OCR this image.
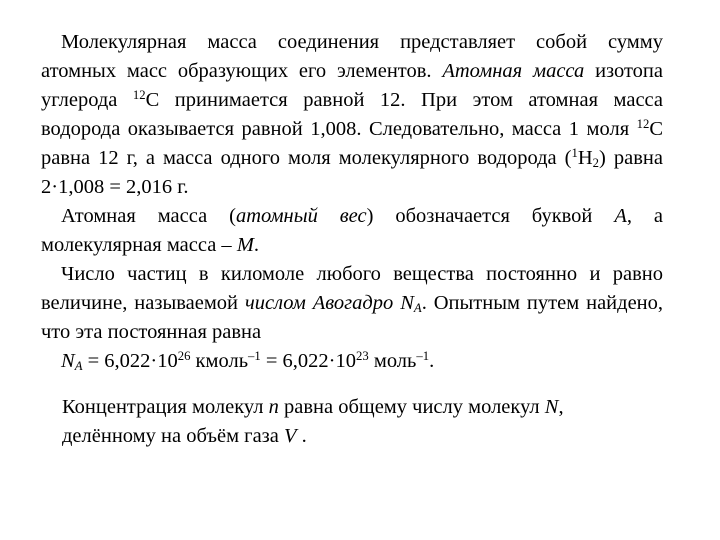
Молекулярная масса соединения представляет собой сумму атомных масс образующих его элементов. Атомная масса изотопа углерода $^{12}$C принимается равной 12. При этом атомная масса водорода оказывается равной 1,008. Следовательно, масса 1 моля $^{12}$C равна 12 г, а масса одного моля молекулярного водорода $(^1H_2)$ равна 2·1,008 = 2,016 г.

Атомная масса (атомный вес) обозначается буквой A, а молекулярная масса – M.

Число частиц в киломоле любого вещества постоянно и равно величине, называемой числом Авогадро $N_A$. Опытным путем найдено, что эта постоянная равна

$N_A = 6,022\cdot 10^{26}$ кмоль$^{-1}$ = $6,022\cdot 10^{23}$ моль$^{-1}$.

Концентрация молекул n равна общему числу молекул N,
делённому на объём газа V .
